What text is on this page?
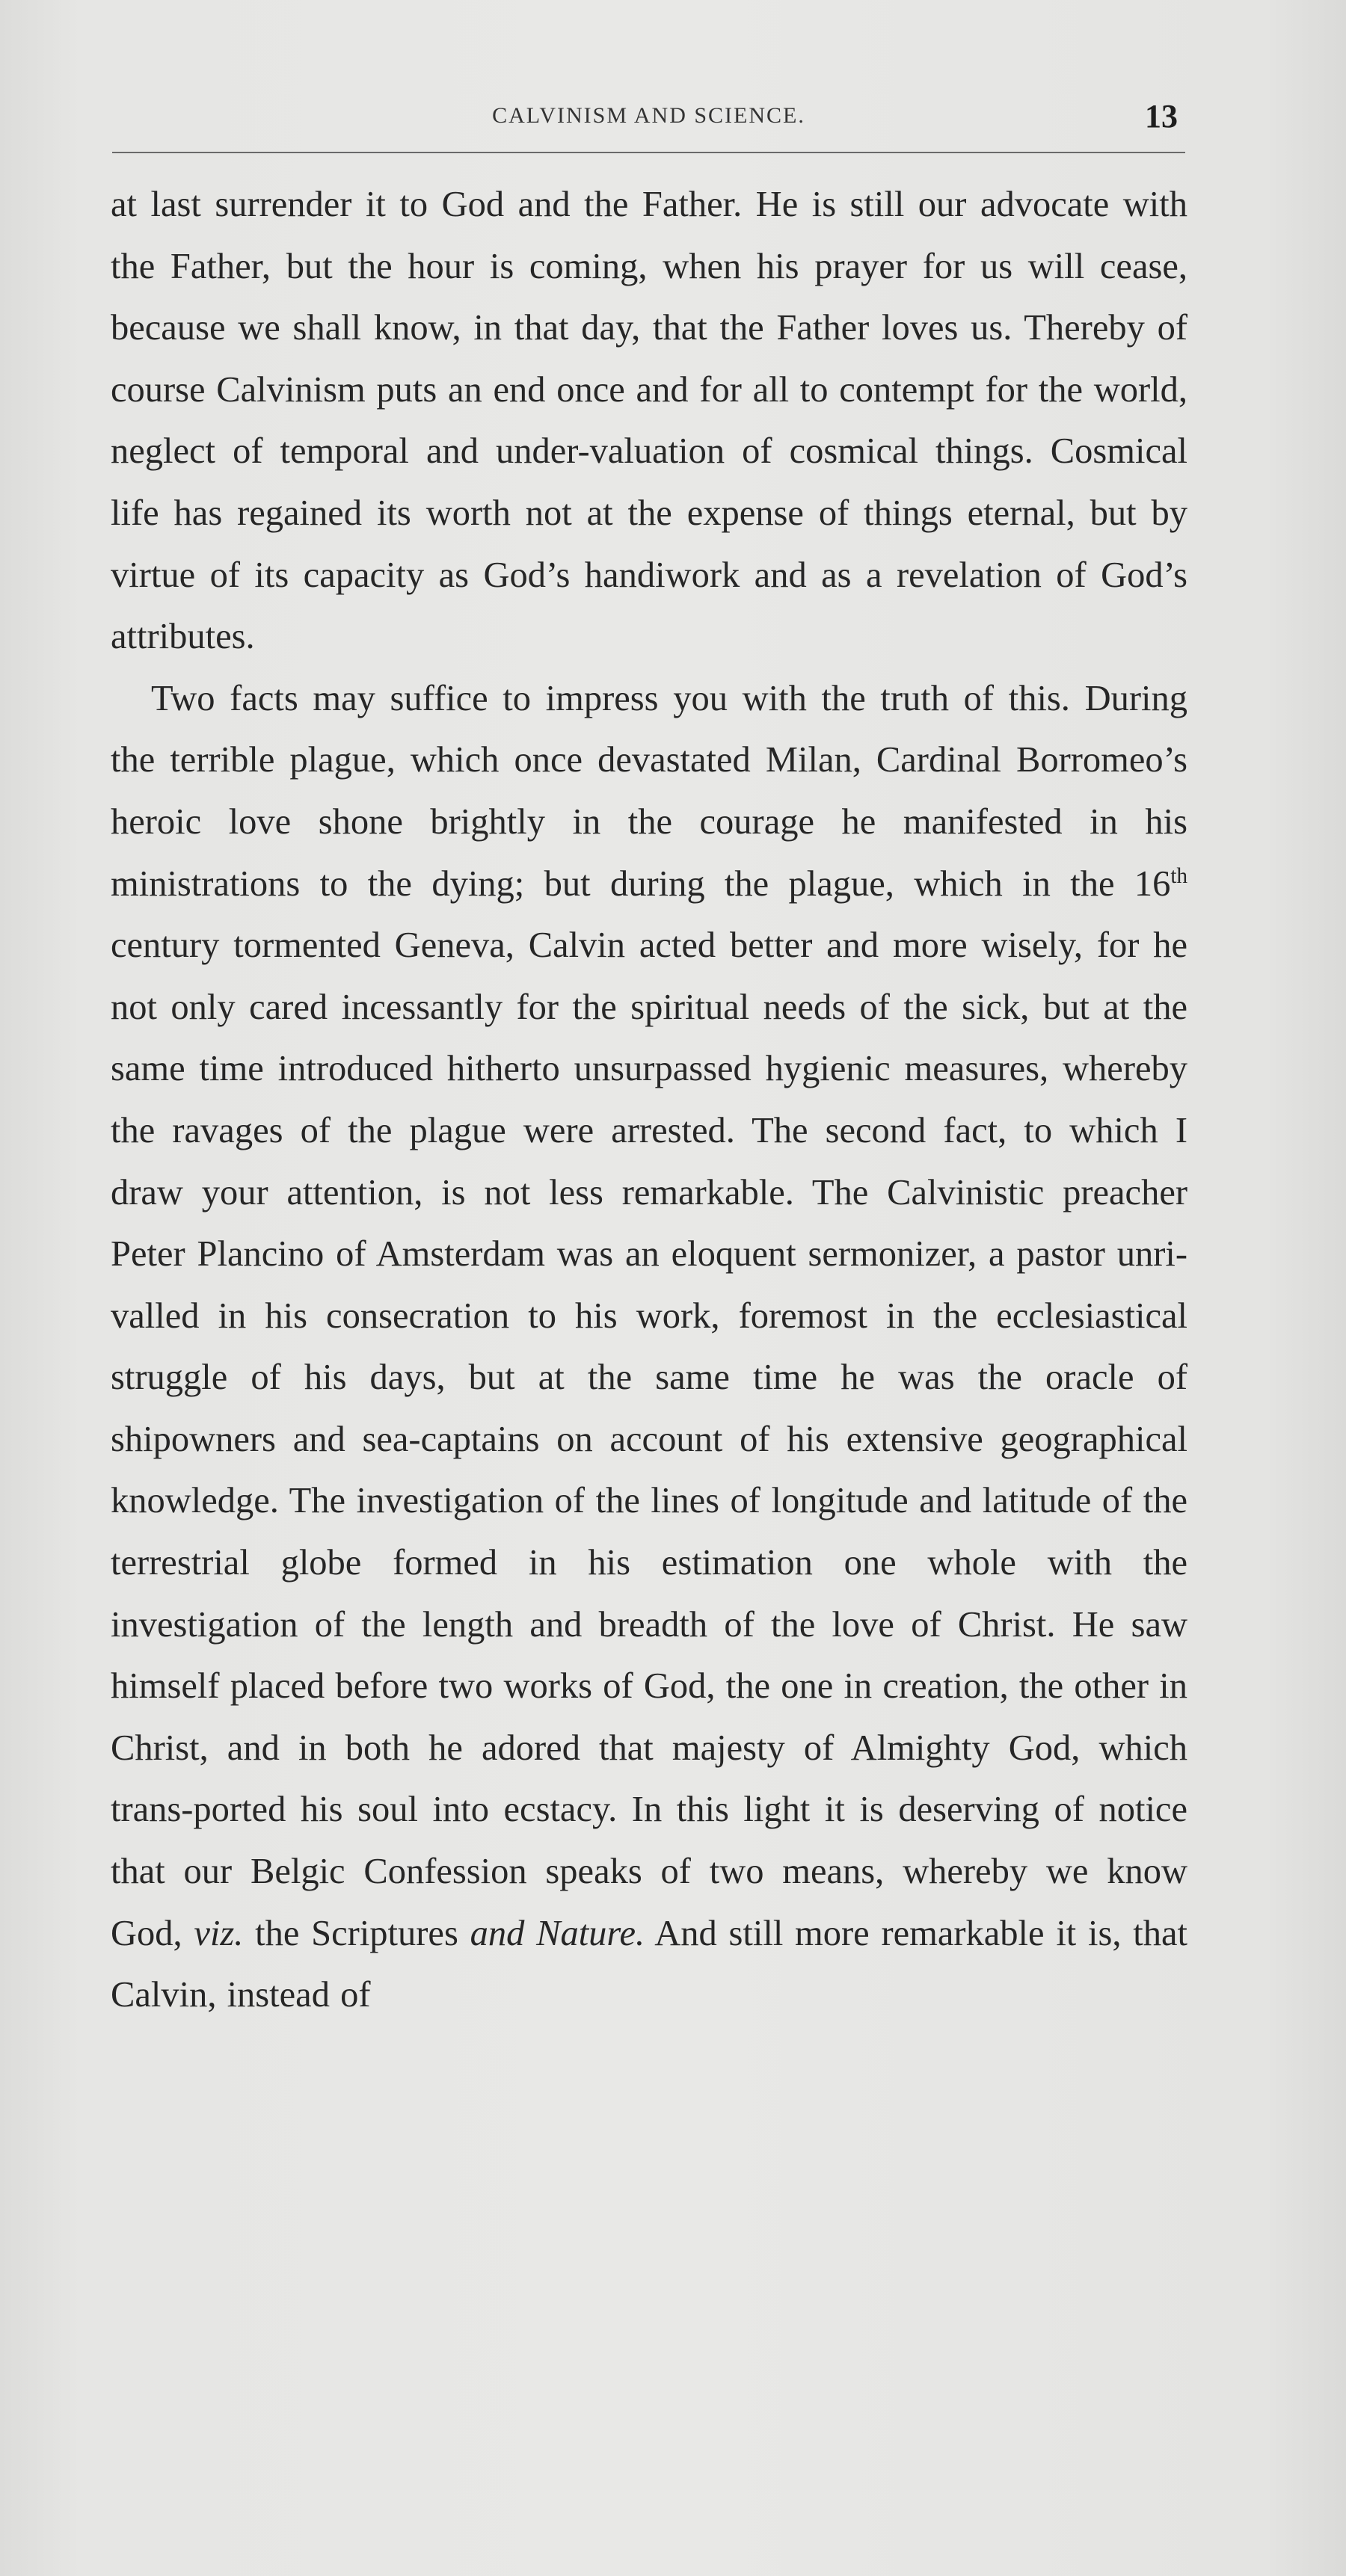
CALVINISM AND SCIENCE.	13

at last surrender it to God and the Father. He is still our advocate with the Father, but the hour is coming, when his prayer for us will cease, because we shall know, in that day, that the Father loves us. Thereby of course Calvinism puts an end once and for all to contempt for the world, neglect of temporal and under-valuation of cosmical things. Cosmical life has regained its worth not at the expense of things eternal, but by virtue of its capacity as God’s handiwork and as a revelation of God’s attributes.

Two facts may suffice to impress you with the truth of this. During the terrible plague, which once devastated Milan, Cardinal Borromeo’s heroic love shone brightly in the courage he manifested in his ministrations to the dying; but during the plague, which in the 16th century tormented Geneva, Calvin acted better and more wisely, for he not only cared incessantly for the spiritual needs of the sick, but at the same time introduced hitherto unsurpassed hygienic measures, whereby the ravages of the plague were arrested. The second fact, to which I draw your attention, is not less remarkable. The Calvinistic preacher Peter Plancino of Amsterdam was an eloquent sermonizer, a pastor unri-valled in his consecration to his work, foremost in the ecclesiastical struggle of his days, but at the same time he was the oracle of shipowners and sea-captains on account of his extensive geographical knowledge. The investigation of the lines of longitude and latitude of the terrestrial globe formed in his estimation one whole with the investigation of the length and breadth of the love of Christ. He saw himself placed before two works of God, the one in creation, the other in Christ, and in both he adored that majesty of Almighty God, which trans-ported his soul into ecstacy. In this light it is deserving of notice that our Belgic Confession speaks of two means, whereby we know God, viz. the Scriptures and Nature. And still more remarkable it is, that Calvin, instead of
